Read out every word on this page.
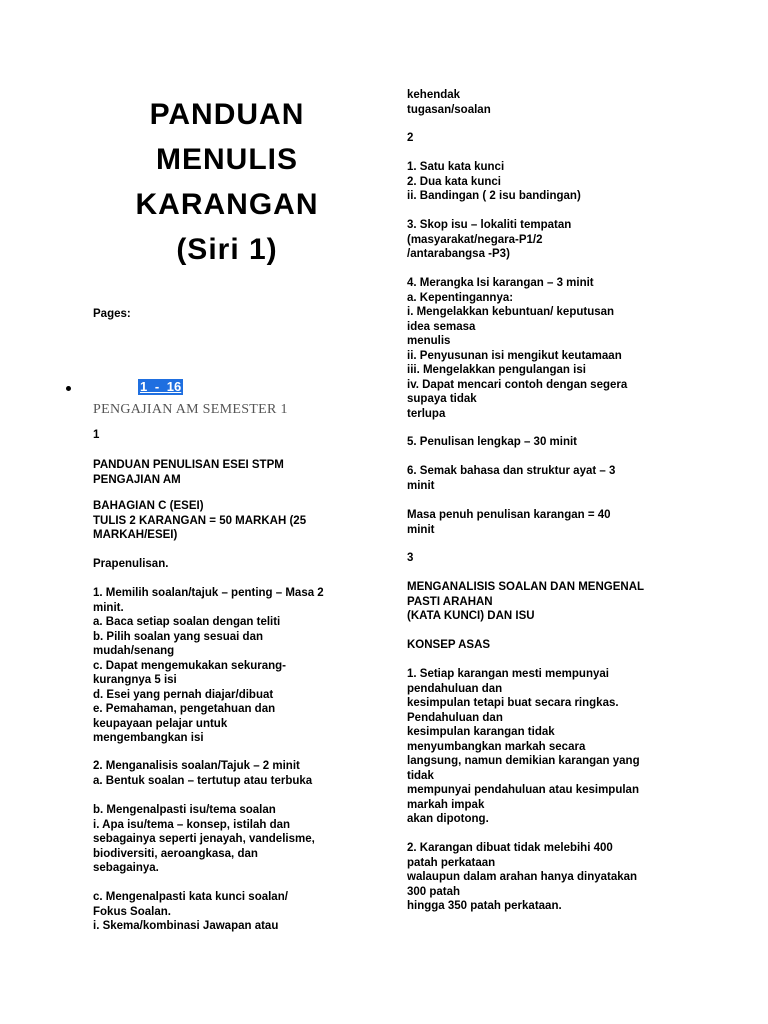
PANDUAN
MENULIS
KARANGAN
(Siri 1)
Pages:
1 - 16
PENGAJIAN AM SEMESTER 1
1
PANDUAN PENULISAN ESEI STPM
PENGAJIAN AM
BAHAGIAN C (ESEI)
TULIS 2 KARANGAN = 50 MARKAH (25
MARKAH/ESEI)
Prapenulisan.
1. Memilih soalan/tajuk – penting – Masa 2
minit.
a. Baca setiap soalan dengan teliti
b. Pilih soalan yang sesuai dan
mudah/senang
c. Dapat mengemukakan sekurang-
kurangnya 5 isi
d. Esei yang pernah diajar/dibuat
e. Pemahaman, pengetahuan dan
keupayaan pelajar untuk
mengembangkan isi
2. Menganalisis soalan/Tajuk – 2 minit
a. Bentuk soalan – tertutup atau terbuka
b. Mengenalpasti isu/tema soalan
i. Apa isu/tema – konsep, istilah dan
sebagainya seperti jenayah, vandelisme,
biodiversiti, aeroangkasa, dan
sebagainya.
c. Mengenalpasti kata kunci soalan/
Fokus Soalan.
i. Skema/kombinasi Jawapan atau
kehendak
tugasan/soalan
2
1. Satu kata kunci
2. Dua kata kunci
ii. Bandingan ( 2 isu bandingan)
3. Skop isu – lokaliti tempatan
(masyarakat/negara-P1/2
/antarabangsa -P3)
4. Merangka Isi karangan – 3 minit
a. Kepentingannya:
i. Mengelakkan kebuntuan/ keputusan
idea semasa
menulis
ii. Penyusunan isi mengikut keutamaan
iii. Mengelakkan pengulangan isi
iv. Dapat mencari contoh dengan segera
supaya tidak
terlupa
5. Penulisan lengkap – 30 minit
6. Semak bahasa dan struktur ayat – 3
minit
Masa penuh penulisan karangan = 40
minit
3
MENGANALISIS SOALAN DAN MENGENAL
PASTI ARAHAN
(KATA KUNCI) DAN ISU
KONSEP ASAS
1. Setiap karangan mesti mempunyai
pendahuluan dan
kesimpulan tetapi buat secara ringkas.
Pendahuluan dan
kesimpulan karangan tidak
menyumbangkan markah secara
langsung, namun demikian karangan yang
tidak
mempunyai pendahuluan atau kesimpulan
markah impak
akan dipotong.
2. Karangan dibuat tidak melebihi 400
patah perkataan
walaupun dalam arahan hanya dinyatakan
300 patah
hingga 350 patah perkataan.
